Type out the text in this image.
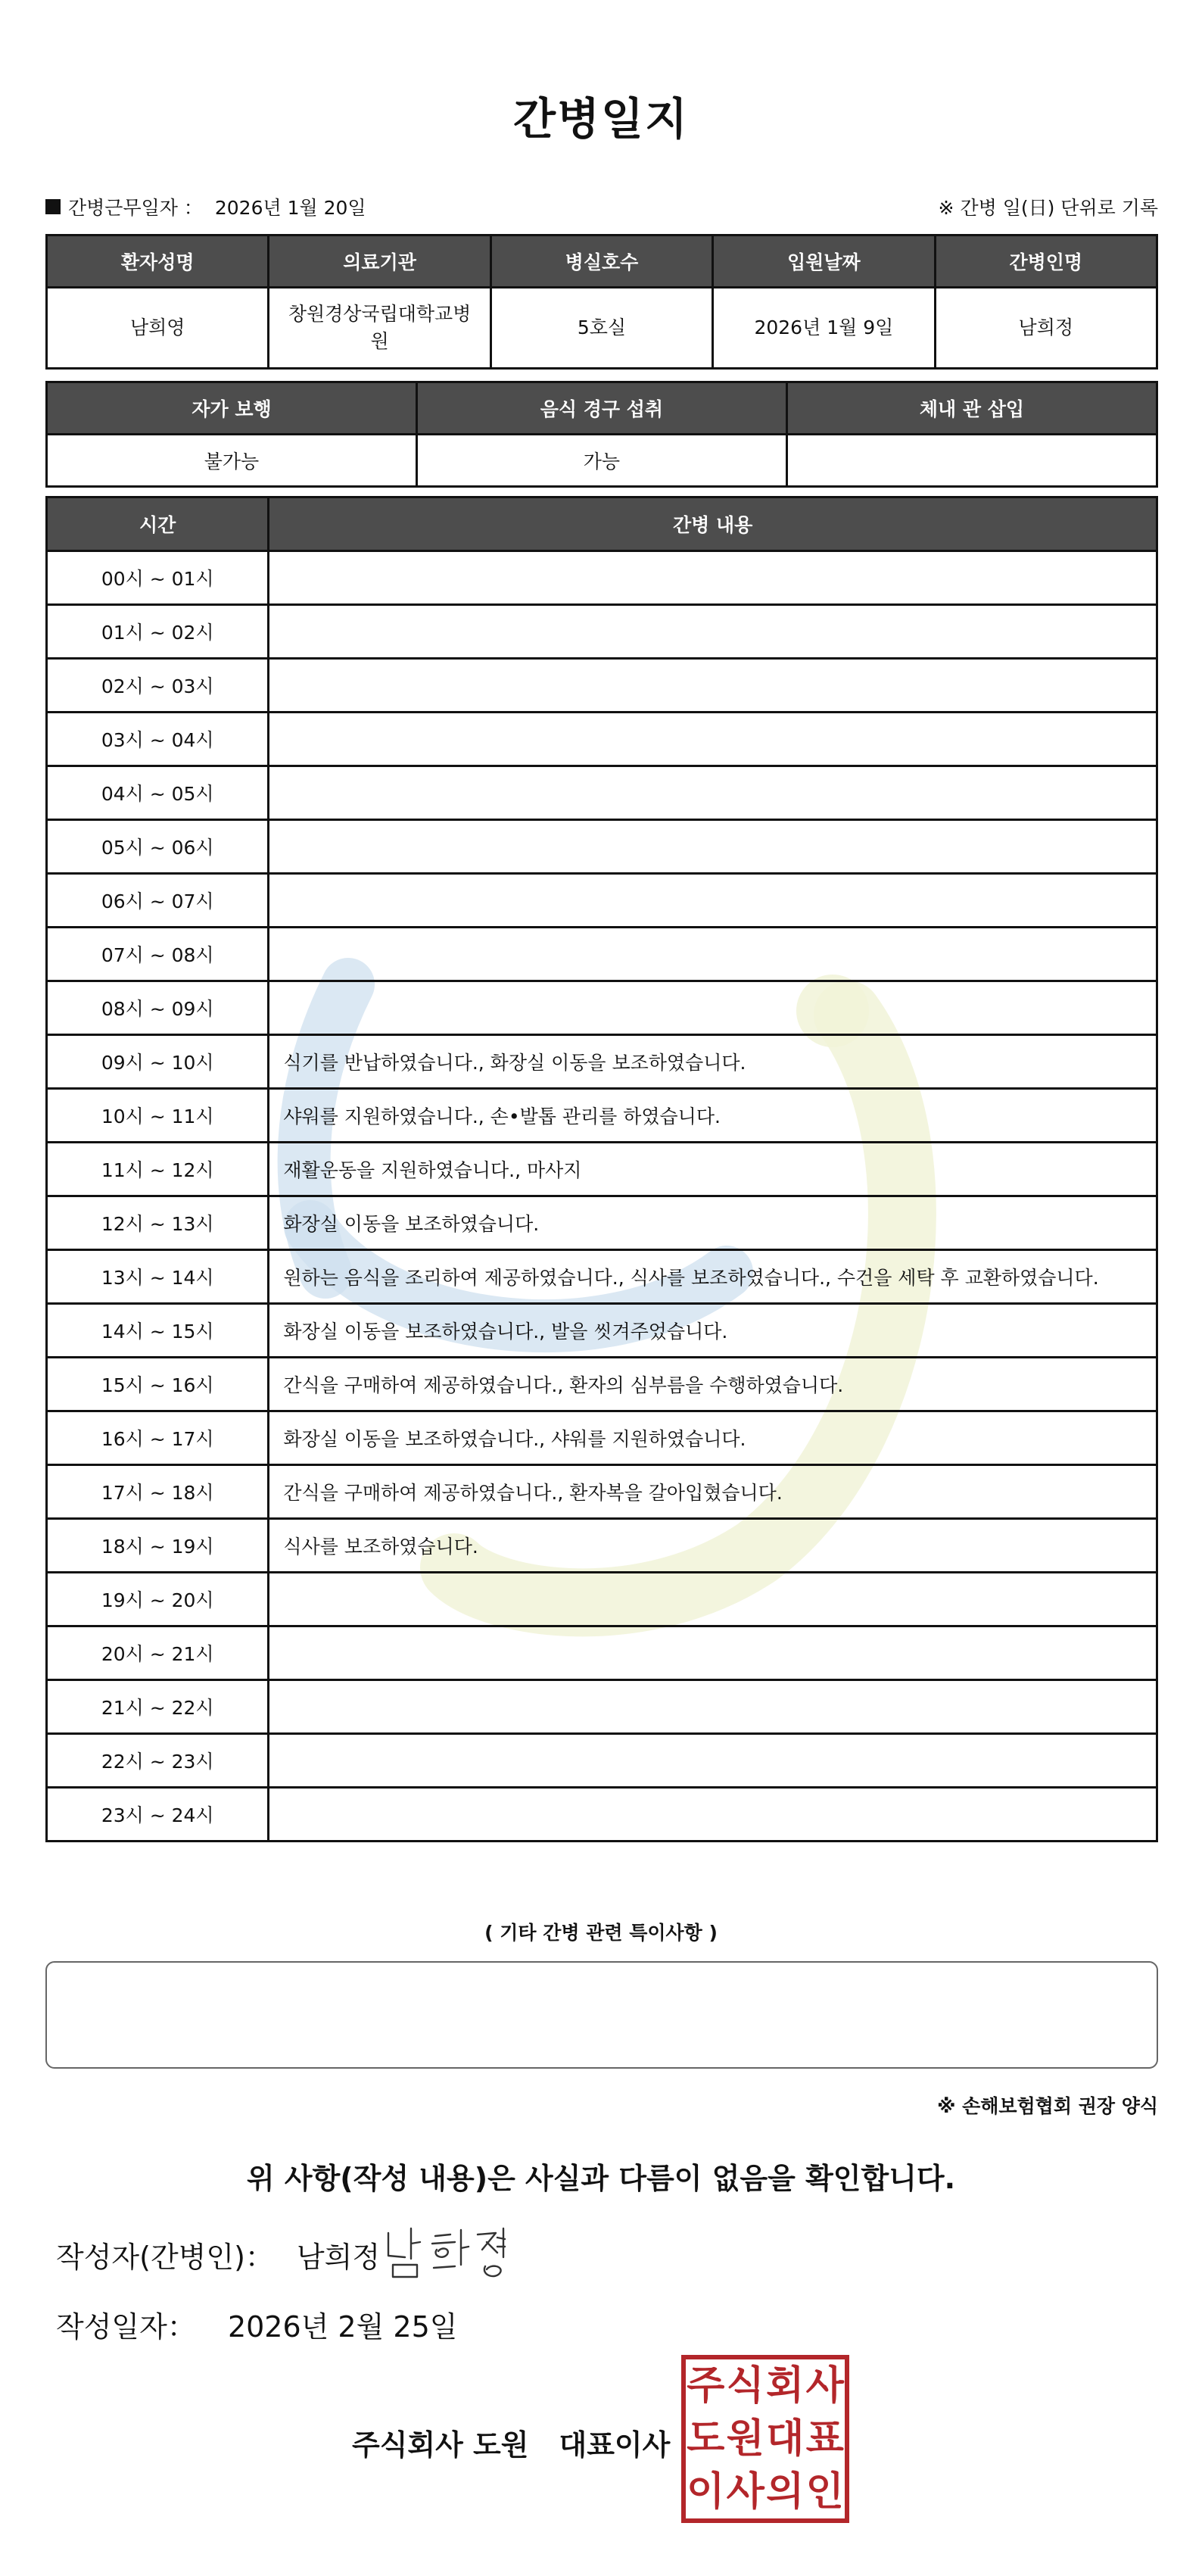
간병일지
간병근무일자 ： 2026년 1월 20일	※ 간병 일(日) 단위로 기록
환자성명	의료기관	병실호수	입원날짜	간병인명
남희영	창원경상국립대학교병원	5호실	2026년 1월 9일	남희정
자가 보행	음식 경구 섭취	체내 관 삽입
불가능	가능	
시간	간병 내용
00시 ~ 01시	
01시 ~ 02시	
02시 ~ 03시	
03시 ~ 04시	
04시 ~ 05시	
05시 ~ 06시	
06시 ~ 07시	
07시 ~ 08시	
08시 ~ 09시	
09시 ~ 10시	식기를 반납하였습니다., 화장실 이동을 보조하였습니다.
10시 ~ 11시	샤워를 지원하였습니다., 손•발톱 관리를 하였습니다.
11시 ~ 12시	재활운동을 지원하였습니다., 마사지
12시 ~ 13시	화장실 이동을 보조하였습니다.
13시 ~ 14시	원하는 음식을 조리하여 제공하였습니다., 식사를 보조하였습니다., 수건을 세탁 후 교환하였습니다.
14시 ~ 15시	화장실 이동을 보조하였습니다., 발을 씻겨주었습니다.
15시 ~ 16시	간식을 구매하여 제공하였습니다., 환자의 심부름을 수행하였습니다.
16시 ~ 17시	화장실 이동을 보조하였습니다., 샤워를 지원하였습니다.
17시 ~ 18시	간식을 구매하여 제공하였습니다., 환자복을 갈아입혔습니다.
18시 ~ 19시	식사를 보조하였습니다.
19시 ~ 20시	
20시 ~ 21시	
21시 ~ 22시	
22시 ~ 23시	
23시 ~ 24시	
( 기타 간병 관련 특이사항 )
※ 손해보험협회 권장 양식
위 사항(작성 내용)은 사실과 다름이 없음을 확인합니다.
작성자(간병인)： 남희정
작성일자： 2026년 2월 25일
주식회사 도원 대표이사
주 식 회 사
도 원 대 표
이 사 의 인
